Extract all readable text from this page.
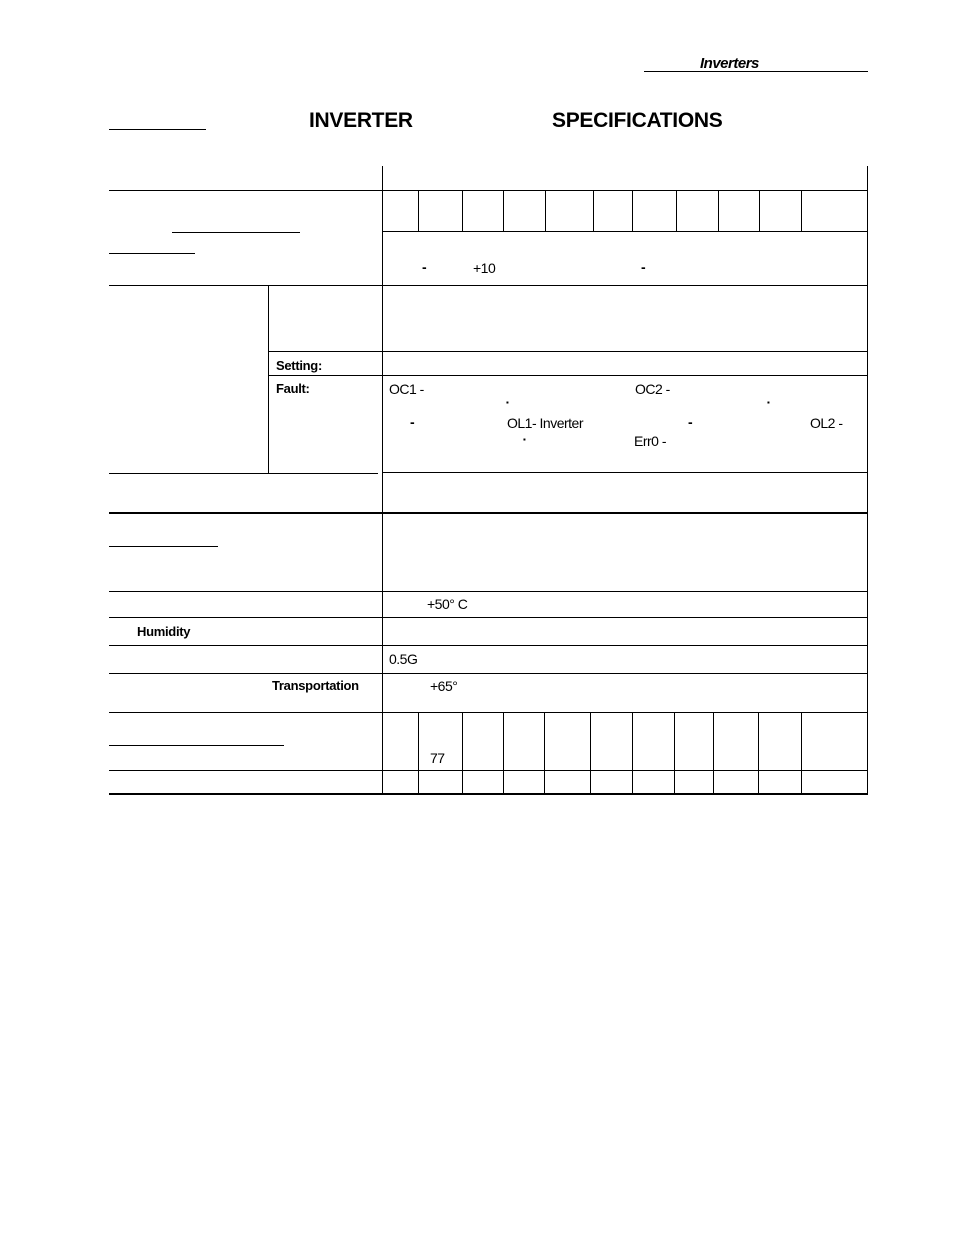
Inverters
INVERTER	SPECIFICATIONS
-	+10	-
Setting:
Fault:	OC1 -	OC2 -
▪	▪
-	OL1- Inverter	-	OL2 -
▪	Err0 -
+50° C
Humidity
0.5G
Transportation	+65°
77
